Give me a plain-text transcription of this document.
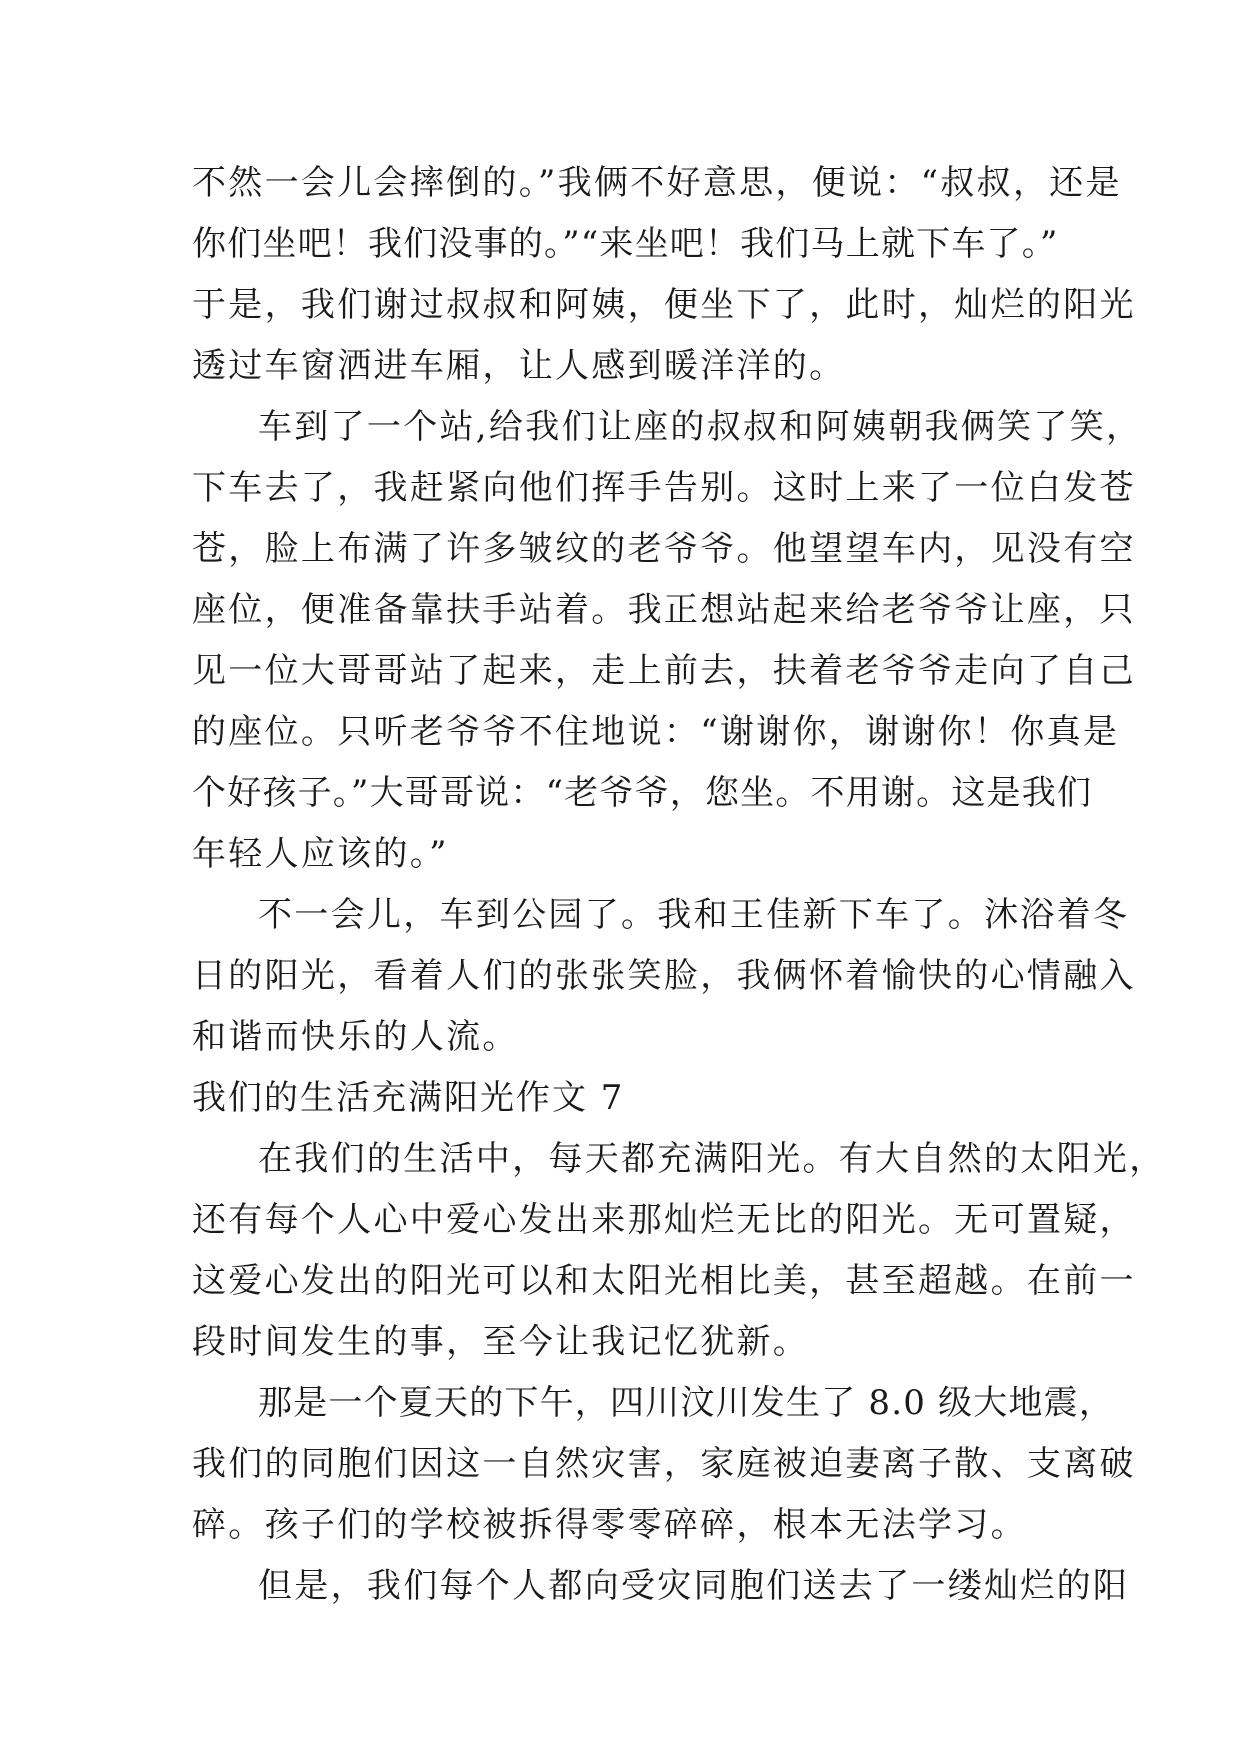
不然一会儿会摔倒的。”我俩不好意思，便说：“叔叔，还是
你们坐吧！我们没事的。”“来坐吧！我们马上就下车了。”
于是，我们谢过叔叔和阿姨，便坐下了，此时，灿烂的阳光
透过车窗洒进车厢，让人感到暖洋洋的。

车到了一个站,给我们让座的叔叔和阿姨朝我俩笑了笑，
下车去了，我赶紧向他们挥手告别。这时上来了一位白发苍
苍，脸上布满了许多皱纹的老爷爷。他望望车内，见没有空
座位，便准备靠扶手站着。我正想站起来给老爷爷让座，只
见一位大哥哥站了起来，走上前去，扶着老爷爷走向了自己
的座位。只听老爷爷不住地说：“谢谢你，谢谢你！你真是
个好孩子。”大哥哥说：“老爷爷，您坐。不用谢。这是我们
年轻人应该的。”

不一会儿，车到公园了。我和王佳新下车了。沐浴着冬
日的阳光，看着人们的张张笑脸，我俩怀着愉快的心情融入
和谐而快乐的人流。

我们的生活充满阳光作文 7

在我们的生活中，每天都充满阳光。有大自然的太阳光，
还有每个人心中爱心发出来那灿烂无比的阳光。无可置疑，
这爱心发出的阳光可以和太阳光相比美，甚至超越。在前一
段时间发生的事，至今让我记忆犹新。

那是一个夏天的下午，四川汶川发生了 8.0 级大地震，
我们的同胞们因这一自然灾害，家庭被迫妻离子散、支离破
碎。孩子们的学校被拆得零零碎碎，根本无法学习。

但是，我们每个人都向受灾同胞们送去了一缕灿烂的阳
